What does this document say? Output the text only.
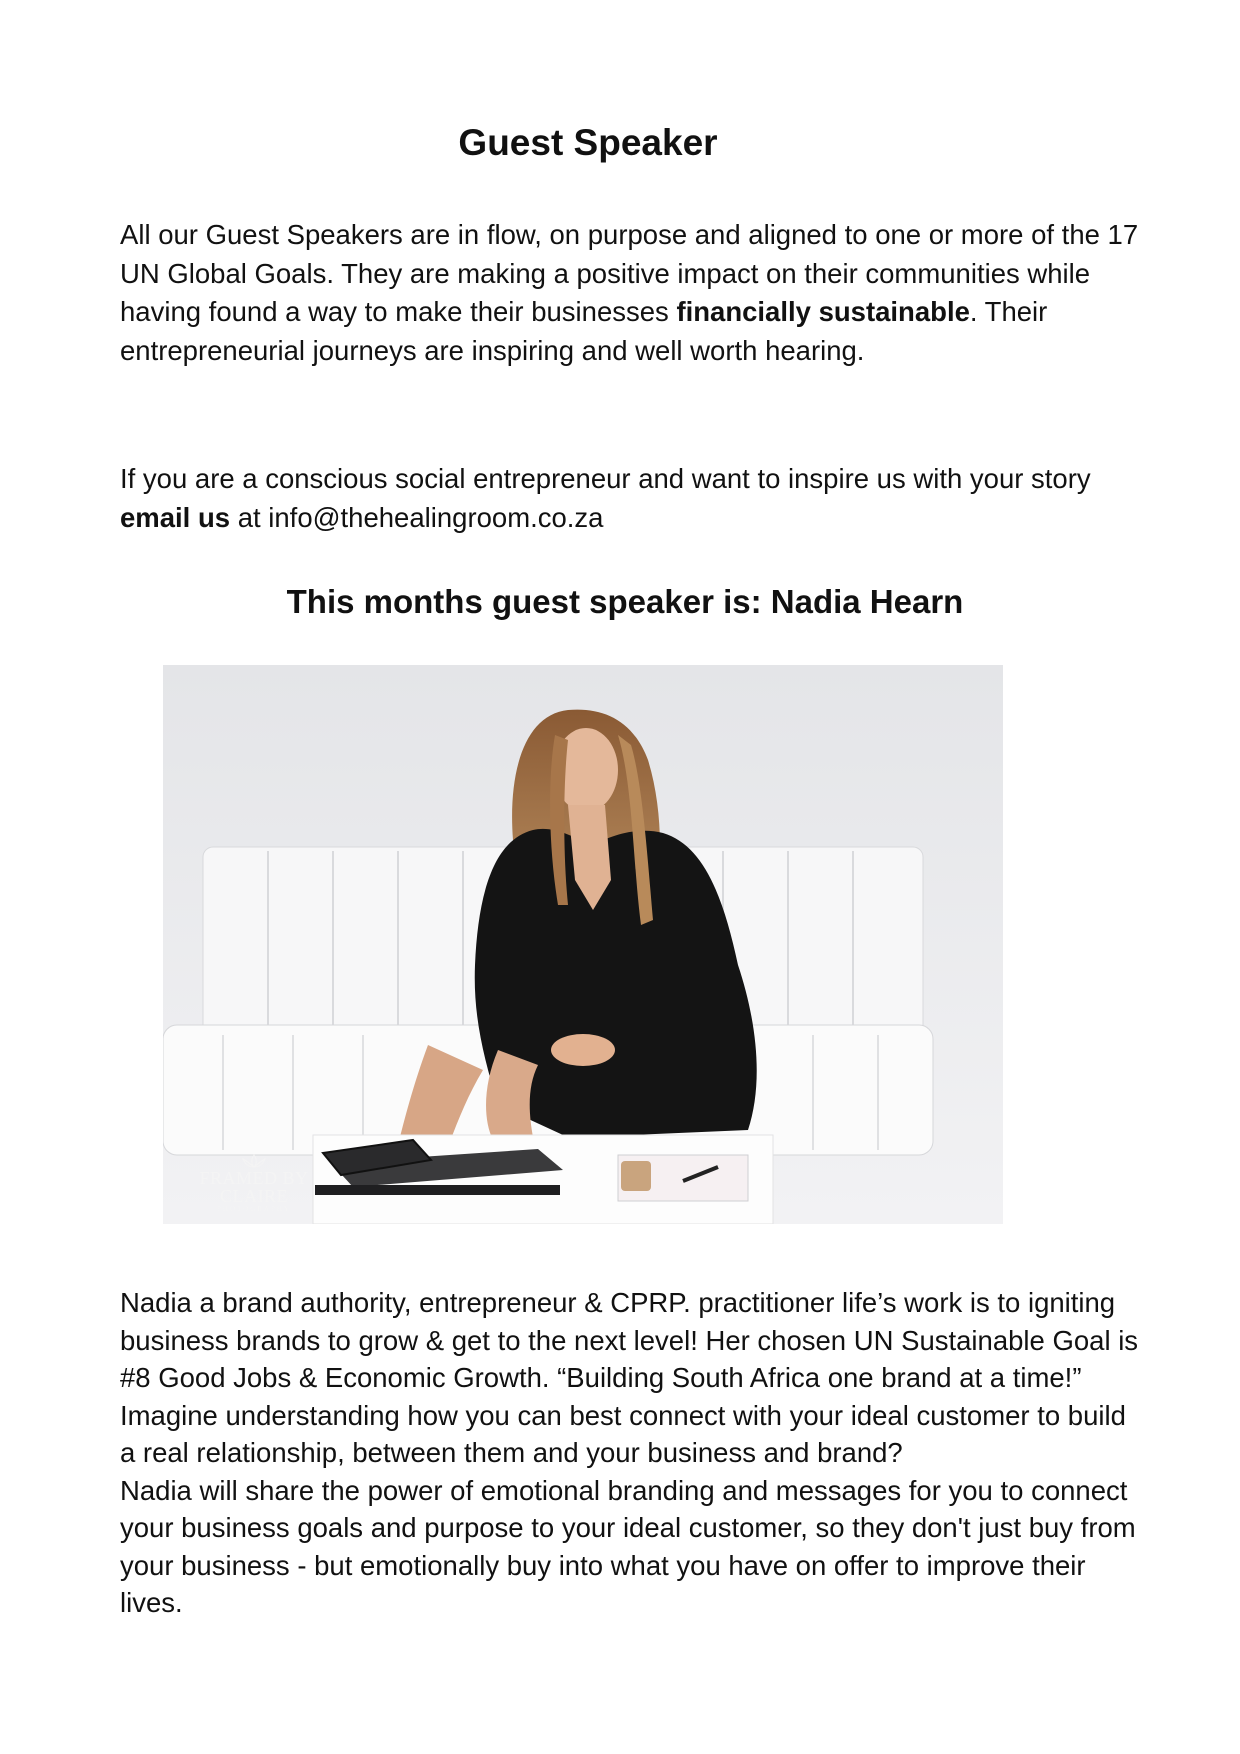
Guest Speaker

All our Guest Speakers are in flow, on purpose and aligned to one or more of the 17 UN Global Goals. They are making a positive impact on their communities while having found a way to make their businesses financially sustainable. Their entrepreneurial journeys are inspiring and well worth hearing.

If you are a conscious social entrepreneur and want to inspire us with your story email us at info@thehealingroom.co.za

This months guest speaker is: Nadia Hearn
FRAMED BY CLAIRE
PHOTOGRAPHY
Nadia a brand authority, entrepreneur & CPRP. practitioner life’s work is to igniting business brands to grow & get to the next level! Her chosen UN Sustainable Goal is #8 Good Jobs & Economic Growth. “Building South Africa one brand at a time!”
Imagine understanding how you can best connect with your ideal customer to build a real relationship, between them and your business and brand?
Nadia will share the power of emotional branding and messages for you to connect your business goals and purpose to your ideal customer, so they don't just buy from your business - but emotionally buy into what you have on offer to improve their lives.
